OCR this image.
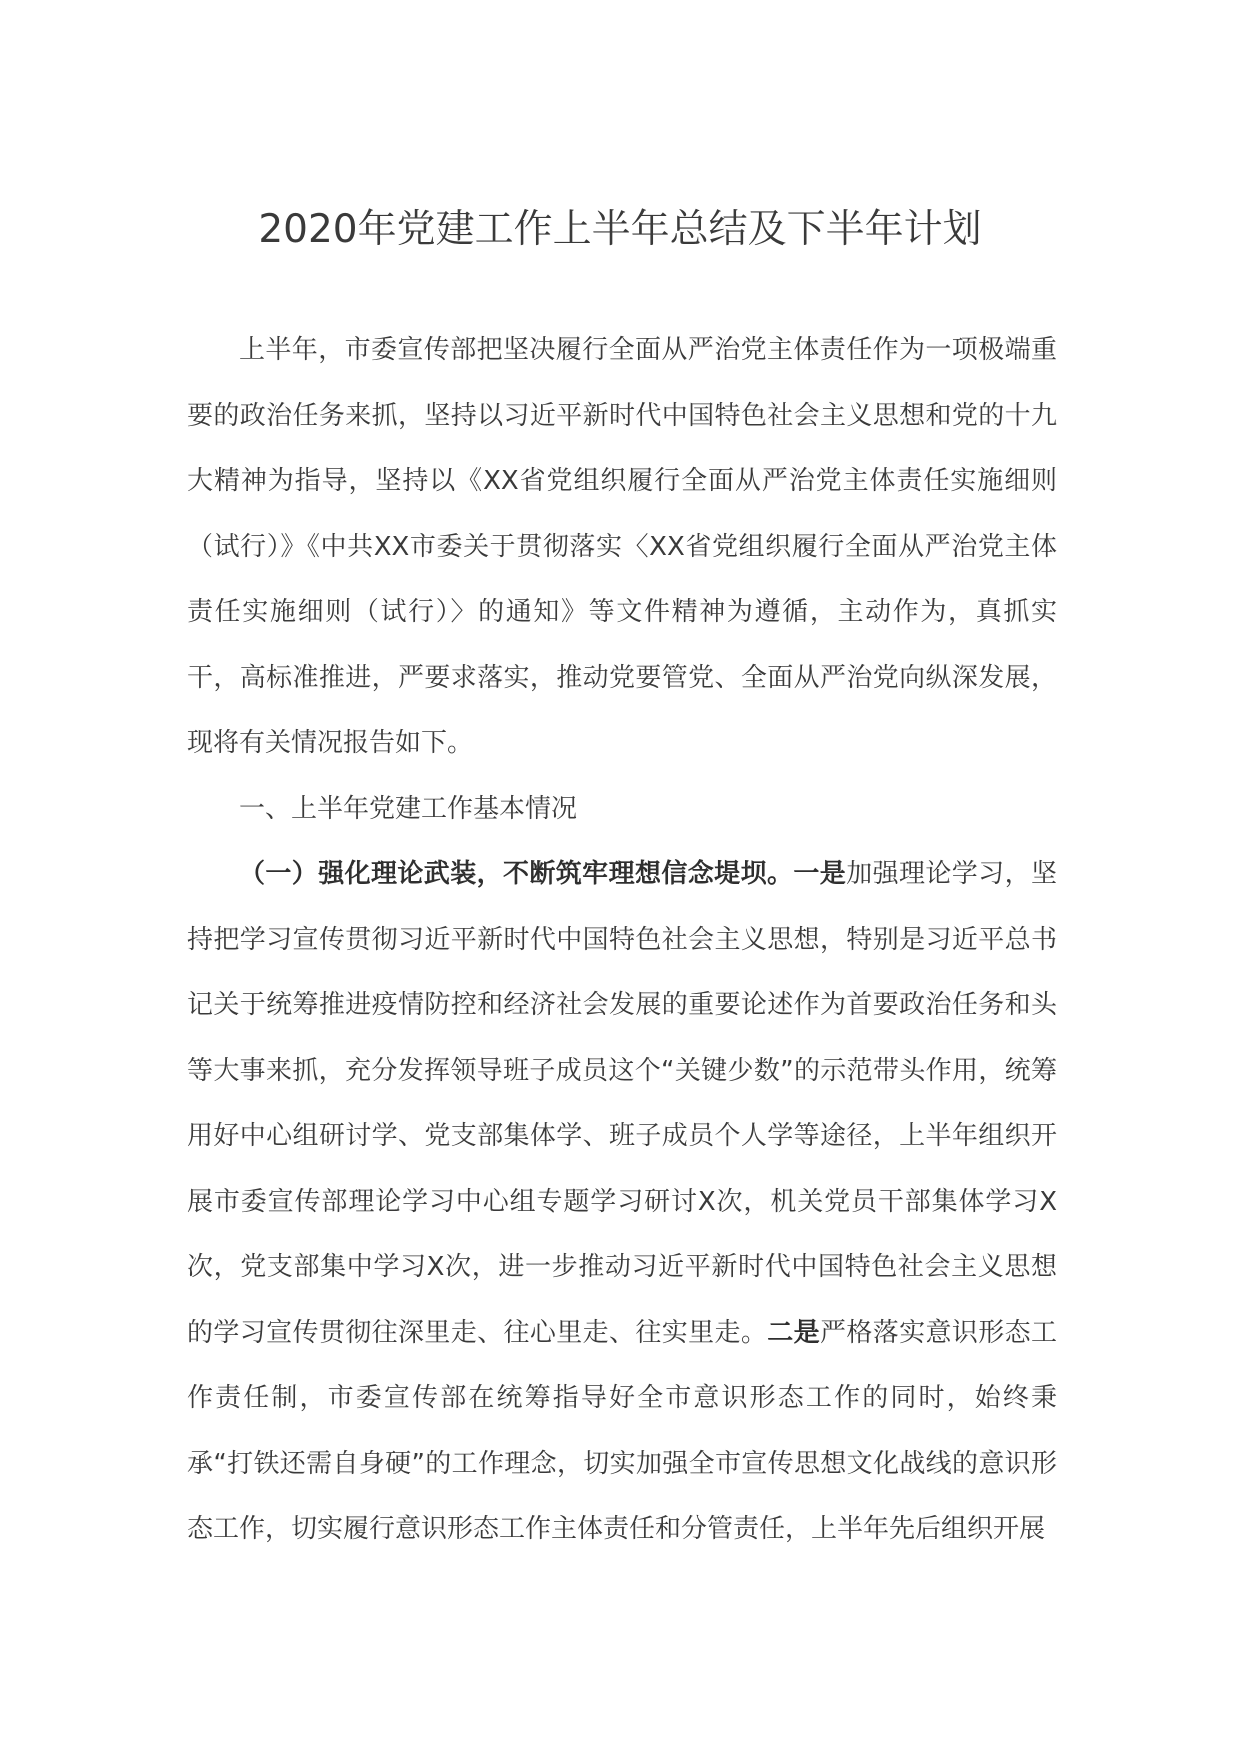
2020年党建工作上半年总结及下半年计划

上半年，市委宣传部把坚决履行全面从严治党主体责任作为一项极端重要的政治任务来抓，坚持以习近平新时代中国特色社会主义思想和党的十九大精神为指导，坚持以《XX省党组织履行全面从严治党主体责任实施细则（试行）》《中共XX市委关于贯彻落实〈XX省党组织履行全面从严治党主体责任实施细则（试行）〉的通知》等文件精神为遵循，主动作为，真抓实干，高标准推进，严要求落实，推动党要管党、全面从严治党向纵深发展，现将有关情况报告如下。

一、上半年党建工作基本情况

（一）强化理论武装，不断筑牢理想信念堤坝。一是加强理论学习，坚持把学习宣传贯彻习近平新时代中国特色社会主义思想，特别是习近平总书记关于统筹推进疫情防控和经济社会发展的重要论述作为首要政治任务和头等大事来抓，充分发挥领导班子成员这个“关键少数”的示范带头作用，统筹用好中心组研讨学、党支部集体学、班子成员个人学等途径，上半年组织开展市委宣传部理论学习中心组专题学习研讨X次，机关党员干部集体学习X次，党支部集中学习X次，进一步推动习近平新时代中国特色社会主义思想的学习宣传贯彻往深里走、往心里走、往实里走。二是严格落实意识形态工作责任制，市委宣传部在统筹指导好全市意识形态工作的同时，始终秉承“打铁还需自身硬”的工作理念，切实加强全市宣传思想文化战线的意识形态工作，切实履行意识形态工作主体责任和分管责任，上半年先后组织开展
